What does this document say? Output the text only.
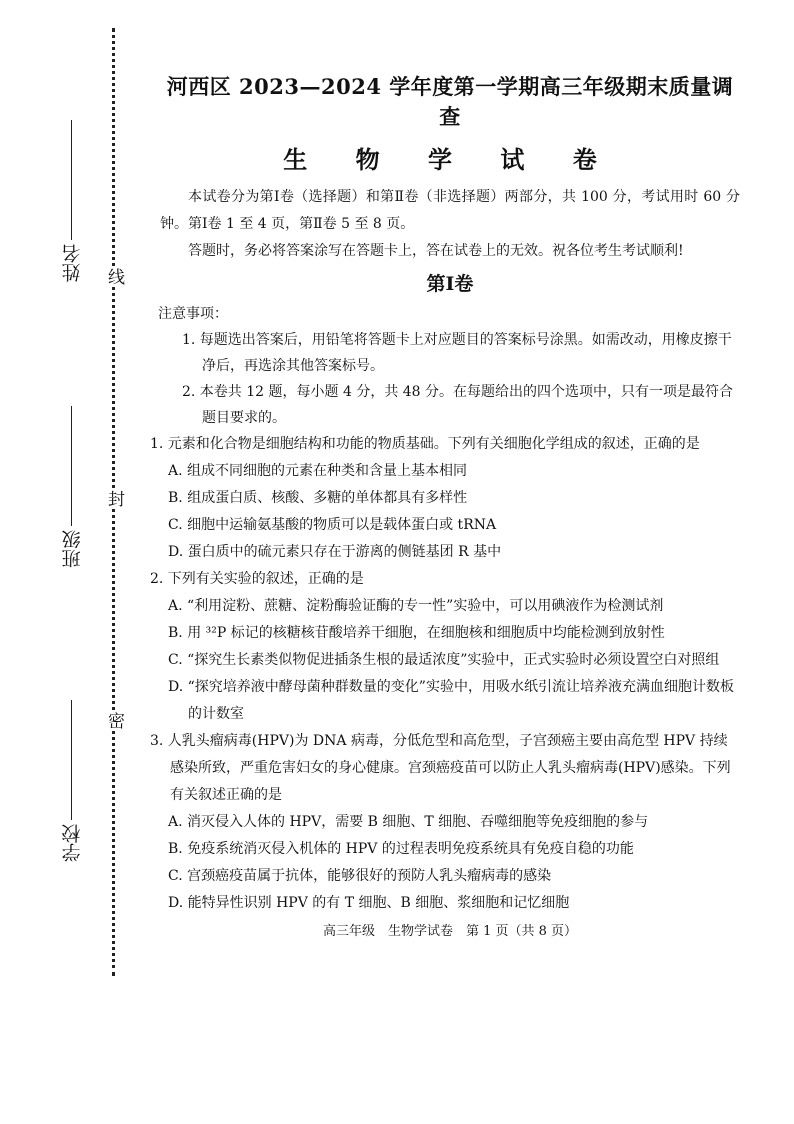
线
封
密
姓名
班级
学校
河西区 2023—2024 学年度第一学期高三年级期末质量调查
生 物 学 试 卷

本试卷分为第Ⅰ卷（选择题）和第Ⅱ卷（非选择题）两部分，共 100 分，考试用时 60 分钟。第Ⅰ卷 1 至 4 页，第Ⅱ卷 5 至 8 页。

答题时，务必将答案涂写在答题卡上，答在试卷上的无效。祝各位考生考试顺利!

第Ⅰ卷
注意事项：
1. 每题选出答案后，用铅笔将答题卡上对应题目的答案标号涂黑。如需改动，用橡皮擦干净后，再选涂其他答案标号。
2. 本卷共 12 题，每小题 4 分，共 48 分。在每题给出的四个选项中，只有一项是最符合题目要求的。
1. 元素和化合物是细胞结构和功能的物质基础。下列有关细胞化学组成的叙述，正确的是
A. 组成不同细胞的元素在种类和含量上基本相同
B. 组成蛋白质、核酸、多糖的单体都具有多样性
C. 细胞中运输氨基酸的物质可以是载体蛋白或 tRNA
D. 蛋白质中的硫元素只存在于游离的侧链基团 R 基中
2. 下列有关实验的叙述，正确的是
A. “利用淀粉、蔗糖、淀粉酶验证酶的专一性”实验中，可以用碘液作为检测试剂
B. 用 ³²P 标记的核糖核苷酸培养干细胞，在细胞核和细胞质中均能检测到放射性
C. “探究生长素类似物促进插条生根的最适浓度”实验中，正式实验时必须设置空白对照组
D. “探究培养液中酵母菌种群数量的变化”实验中，用吸水纸引流让培养液充满血细胞计数板的计数室
3. 人乳头瘤病毒(HPV)为 DNA 病毒，分低危型和高危型，子宫颈癌主要由高危型 HPV 持续感染所致，严重危害妇女的身心健康。宫颈癌疫苗可以防止人乳头瘤病毒(HPV)感染。下列有关叙述正确的是
A. 消灭侵入人体的 HPV，需要 B 细胞、T 细胞、吞噬细胞等免疫细胞的参与
B. 免疫系统消灭侵入机体的 HPV 的过程表明免疫系统具有免疫自稳的功能
C. 宫颈癌疫苗属于抗体，能够很好的预防人乳头瘤病毒的感染
D. 能特异性识别 HPV 的有 T 细胞、B 细胞、浆细胞和记忆细胞
高三年级　生物学试卷　第 1 页（共 8 页）
